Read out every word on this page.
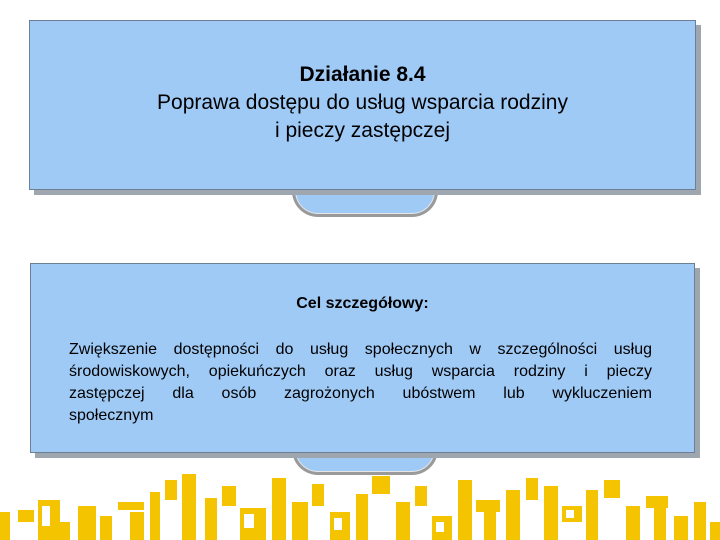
Działanie 8.4
Poprawa dostępu do usług wsparcia rodziny
i pieczy zastępczej
Cel szczegółowy:
Zwiększenie dostępności do usług społecznych w szczególności usług
środowiskowych, opiekuńczych oraz usług wsparcia rodziny i pieczy
zastępczej dla osób zagrożonych ubóstwem lub wykluczeniem
społecznym
